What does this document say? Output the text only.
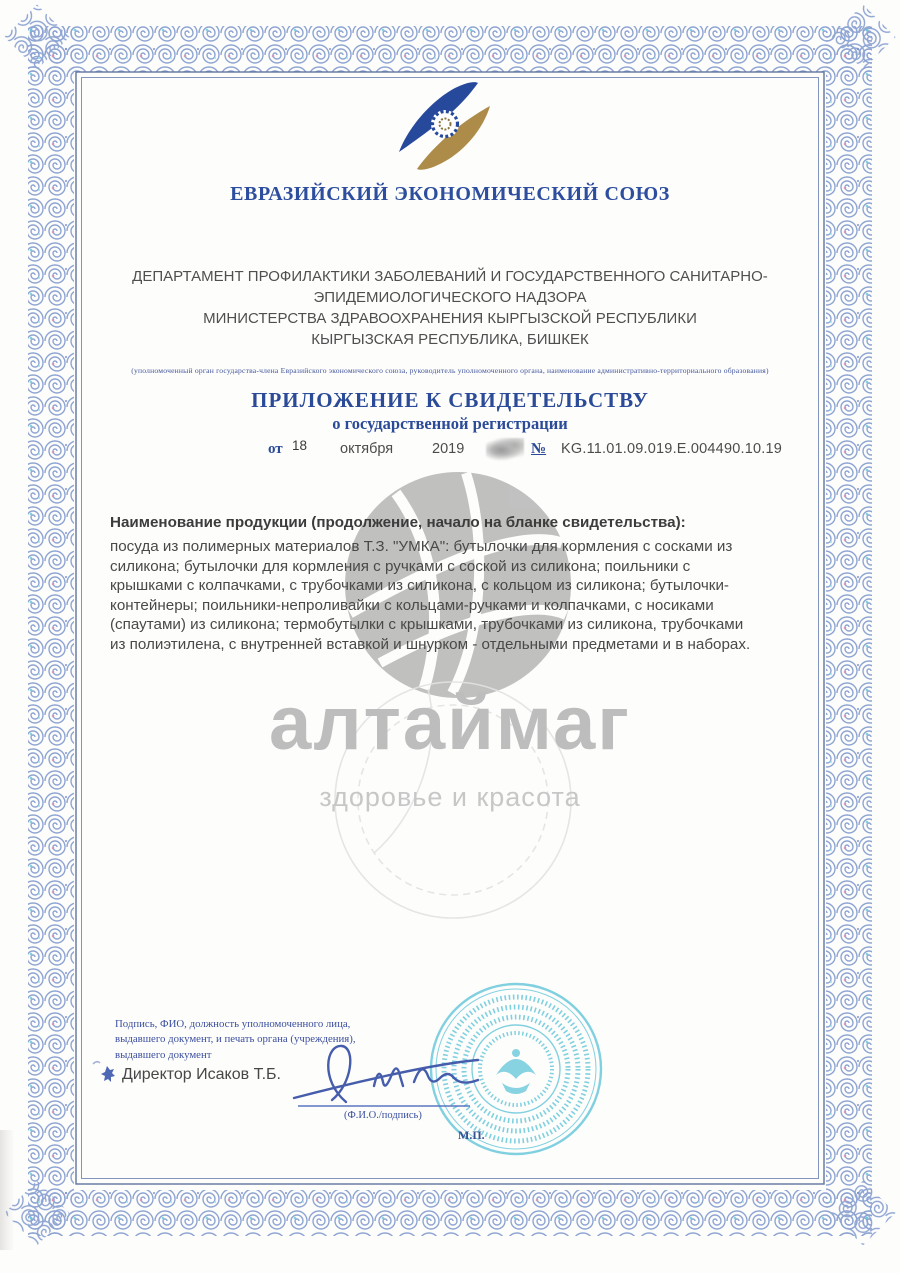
ЕВРАЗИЙСКИЙ ЭКОНОМИЧЕСКИЙ СОЮЗ
ДЕПАРТАМЕНТ ПРОФИЛАКТИКИ ЗАБОЛЕВАНИЙ И ГОСУДАРСТВЕННОГО САНИТАРНО-
ЭПИДЕМИОЛОГИЧЕСКОГО НАДЗОРА
МИНИСТЕРСТВА ЗДРАВООХРАНЕНИЯ КЫРГЫЗСКОЙ РЕСПУБЛИКИ
КЫРГЫЗСКАЯ РЕСПУБЛИКА, БИШКЕК
(уполномоченный орган государства-члена Евразийского экономического союза, руководитель уполномоченного органа, наименование административно-территориального образования)
ПРИЛОЖЕНИЕ К СВИДЕТЕЛЬСТВУ
о государственной регистрации
от 18 октября	2019	№ KG.11.01.09.019.E.004490.10.19
Наименование продукции (продолжение, начало на бланке свидетельства):
посуда из полимерных материалов Т.З. "УМКА": бутылочки для кормления с сосками из силикона; бутылочки для кормления с ручками с соской из силикона; поильники с крышками с колпачками, с трубочками из силикона, с кольцом из силикона; бутылочки-контейнеры; поильники-непроливайки с кольцами-ручками и колпачками, с носиками (спаутами) из силикона; термобутылки с крышками, трубочками из силикона, трубочками из полиэтилена, с внутренней вставкой и шнурком - отдельными предметами и в наборах.
алтаймаг
здоровье и красота
Подпись, ФИО, должность уполномоченного лица, выдавшего документ, и печать органа (учреждения), выдавшего документ
Директор Исаков Т.Б.
(Ф.И.О./подпись)
М.П.
